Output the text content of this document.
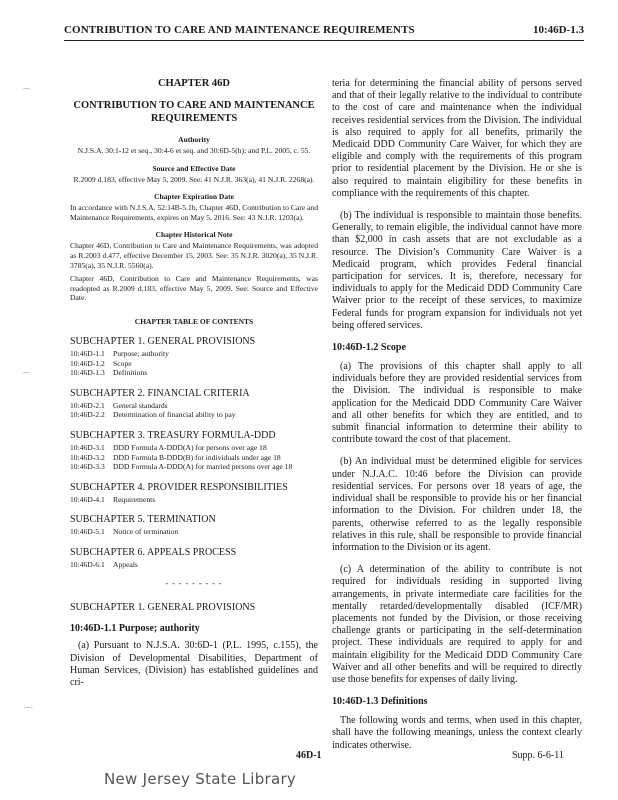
CONTRIBUTION TO CARE AND MAINTENANCE REQUIREMENTS	10:46D-1.3
⌒
⌒
⌒
CHAPTER 46D
CONTRIBUTION TO CARE AND MAINTENANCE REQUIREMENTS
Authority
N.J.S.A. 30:1-12 et seq., 30:4-6 et seq. and 30:6D-5(h); and P.L. 2005, c. 55.
Source and Effective Date
R.2009 d.183, effective May 5, 2009. See: 41 N.J.R. 363(a), 41 N.J.R. 2268(a).
Chapter Expiration Date
In accordance with N.J.S.A. 52:14B-5.1b, Chapter 46D, Contribution to Care and Maintenance Requirements, expires on May 5, 2016. See: 43 N.J.R. 1203(a).
Chapter Historical Note
Chapter 46D, Contribution to Care and Maintenance Requirements, was adopted as R.2003 d.477, effective December 15, 2003. See: 35 N.J.R. 3020(a), 35 N.J.R. 3785(a), 35 N.J.R. 5560(a).
Chapter 46D, Contribution to Care and Maintenance Requirements, was readopted as R.2009 d.183, effective May 5, 2009. See: Source and Effective Date.
CHAPTER TABLE OF CONTENTS
SUBCHAPTER 1. GENERAL PROVISIONS
10:46D-1.1	Purpose; authority
10:46D-1.2	Scope
10:46D-1.3	Definitions
SUBCHAPTER 2. FINANCIAL CRITERIA
10:46D-2.1	General standards
10:46D-2.2	Determination of financial ability to pay
SUBCHAPTER 3. TREASURY FORMULA-DDD
10:46D-3.1	DDD Formula A-DDD(A) for persons over age 18
10:46D-3.2	DDD Formula B-DDD(B) for individuals under age 18
10:46D-3.3	DDD Formula A-DDD(A) for married persons over age 18
SUBCHAPTER 4. PROVIDER RESPONSIBILITIES
10:46D-4.1	Requirements
SUBCHAPTER 5. TERMINATION
10:46D-5.1	Notice of termination
SUBCHAPTER 6. APPEALS PROCESS
10:46D-6.1	Appeals
- - - - - - - - -
SUBCHAPTER 1. GENERAL PROVISIONS
10:46D-1.1 Purpose; authority

(a) Pursuant to N.J.S.A. 30:6D-1 (P.L. 1995, c.155), the Division of Developmental Disabilities, Department of Human Services, (Division) has established guidelines and cri-

teria for determining the financial ability of persons served and that of their legally relative to the individual to contribute to the cost of care and maintenance when the individual receives residential services from the Division. The individual is also required to apply for all benefits, primarily the Medicaid DDD Community Care Waiver, for which they are eligible and comply with the requirements of this program prior to residential placement by the Division. He or she is also required to maintain eligibility for these benefits in compliance with the requirements of this chapter.

(b) The individual is responsible to maintain those benefits. Generally, to remain eligible, the individual cannot have more than $2,000 in cash assets that are not excludable as a resource. The Division’s Community Care Waiver is a Medicaid program, which provides Federal financial participation for services. It is, therefore, necessary for individuals to apply for the Medicaid DDD Community Care Waiver prior to the receipt of these services, to maximize Federal funds for program expansion for individuals not yet being offered services.

10:46D-1.2 Scope

(a) The provisions of this chapter shall apply to all individuals before they are provided residential services from the Division. The individual is responsible to make application for the Medicaid DDD Community Care Waiver and all other benefits for which they are entitled, and to submit financial information to determine their ability to contribute toward the cost of that placement.

(b) An individual must be determined eligible for services under N.J.A.C. 10:46 before the Division can provide residential services. For persons over 18 years of age, the individual shall be responsible to provide his or her financial information to the Division. For children under 18, the parents, otherwise referred to as the legally responsible relatives in this rule, shall be responsible to provide financial information to the Division or its agent.

(c) A determination of the ability to contribute is not required for individuals residing in supported living arrangements, in private intermediate care facilities for the mentally retarded/developmentally disabled (ICF/MR) placements not funded by the Division, or those receiving challenge grants or participating in the self-determination project. These individuals are required to apply for and maintain eligibility for the Medicaid DDD Community Care Waiver and all other benefits and will be required to directly use those benefits for expenses of daily living.

10:46D-1.3 Definitions

The following words and terms, when used in this chapter, shall have the following meanings, unless the context clearly indicates otherwise.

46D-1	Supp. 6-6-11
New Jersey State Library
